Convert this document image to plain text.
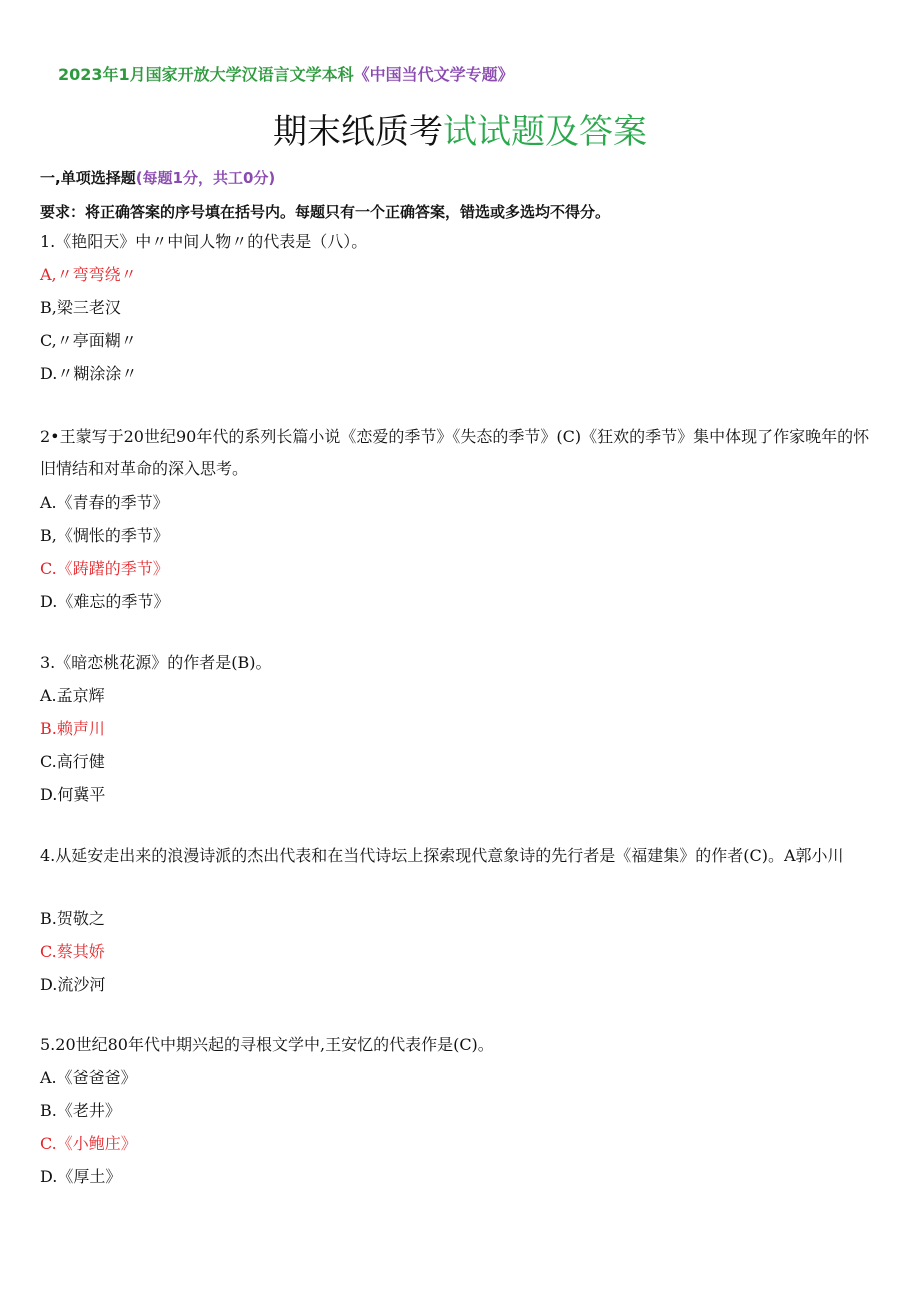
2023年1月国家开放大学汉语言文学本科《中国当代文学专题》
期末纸质考试试题及答案
一,单项选择题(每题1分，共工0分)
要求：将正确答案的序号填在括号内。每题只有一个正确答案，错选或多选均不得分。
1.《艳阳天》中〃中间人物〃的代表是（八）。
A,〃弯弯绕〃
B,梁三老汉
C,〃亭面糊〃
D.〃糊涂涂〃
2•王蒙写于20世纪90年代的系列长篇小说《恋爱的季节》《失态的季节》(C)《狂欢的季节》集中体现了作家晚年的怀旧情结和对革命的深入思考。
A.《青春的季节》
B,《惆怅的季节》
C.《踌躇的季节》
D.《难忘的季节》
3.《暗恋桃花源》的作者是(B)。
A.孟京辉
B.赖声川
C.高行健
D.何冀平
4.从延安走出来的浪漫诗派的杰出代表和在当代诗坛上探索现代意象诗的先行者是《福建集》的作者(C)。A郭小川
B.贺敬之
C.蔡其娇
D.流沙河
5.20世纪80年代中期兴起的寻根文学中,王安忆的代表作是(C)。
A.《爸爸爸》
B.《老井》
C.《小鲍庄》
D.《厚土》
